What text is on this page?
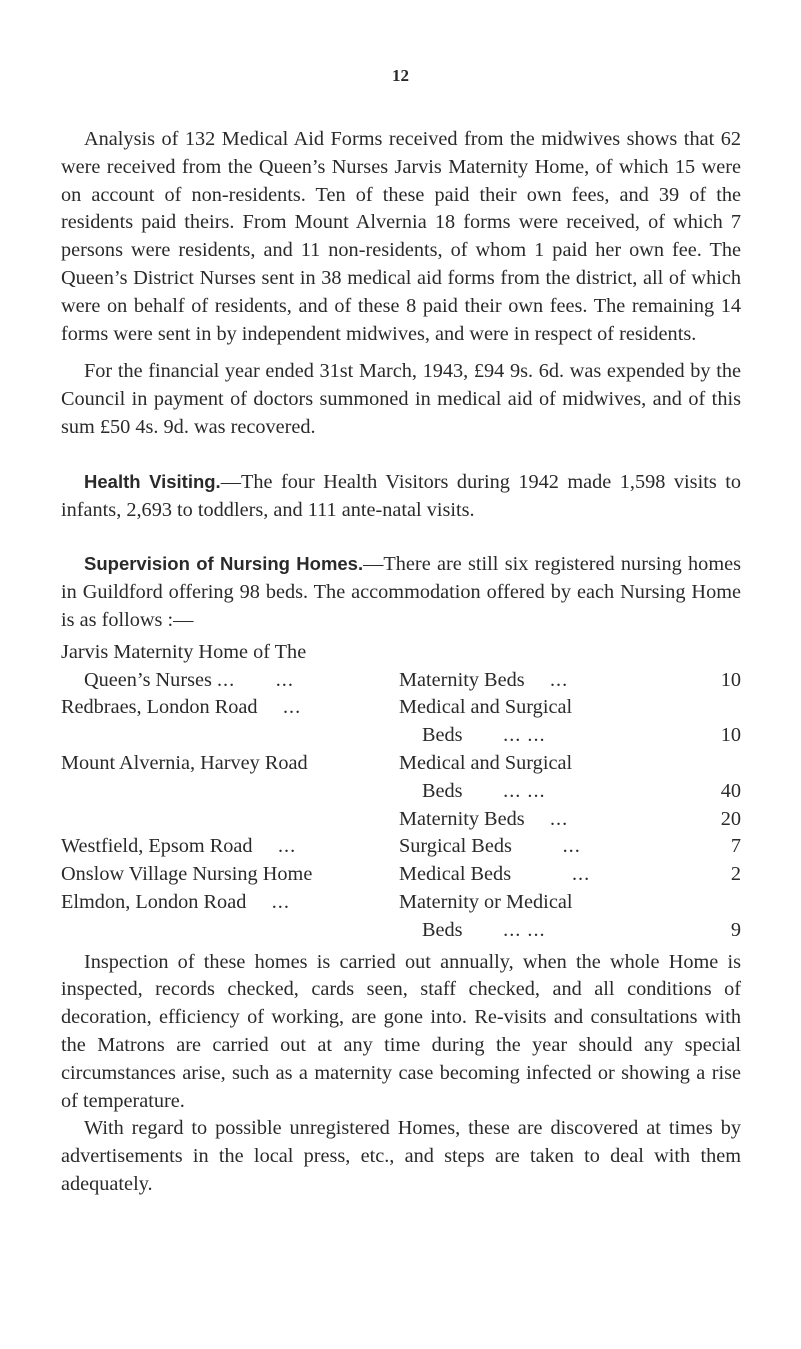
12

Analysis of 132 Medical Aid Forms received from the midwives shows that 62 were received from the Queen’s Nurses Jarvis Maternity Home, of which 15 were on account of non-residents. Ten of these paid their own fees, and 39 of the residents paid theirs. From Mount Alvernia 18 forms were received, of which 7 persons were residents, and 11 non-residents, of whom 1 paid her own fee. The Queen’s District Nurses sent in 38 medical aid forms from the district, all of which were on behalf of residents, and of these 8 paid their own fees. The remaining 14 forms were sent in by independent midwives, and were in respect of residents.

For the financial year ended 31st March, 1943, £94 9s. 6d. was expended by the Council in payment of doctors summoned in medical aid of midwives, and of this sum £50 4s. 9d. was recovered.

Health Visiting.—The four Health Visitors during 1942 made 1,598 visits to infants, 2,693 to toddlers, and 111 ante-natal visits.

Supervision of Nursing Homes.—There are still six registered nursing homes in Guildford offering 98 beds. The accommodation offered by each Nursing Home is as follows :—

Jarvis Maternity Home of The
Queen’s Nurses ... ...	Maternity Beds ...	10

Redbraes, London Road ...	Medical and Surgical
Beds ... ...	10

Mount Alvernia, Harvey Road	Medical and Surgical
Beds ... ...	40

	Maternity Beds ...	20

Westfield, Epsom Road ...	Surgical Beds ...	7

Onslow Village Nursing Home	Medical Beds ...	2

Elmdon, London Road ...	Maternity or Medical
Beds ... ...	9

Inspection of these homes is carried out annually, when the whole Home is inspected, records checked, cards seen, staff checked, and all conditions of decoration, efficiency of working, are gone into. Re-visits and consultations with the Matrons are carried out at any time during the year should any special circumstances arise, such as a maternity case becoming infected or showing a rise of temperature.

With regard to possible unregistered Homes, these are discovered at times by advertisements in the local press, etc., and steps are taken to deal with them adequately.
